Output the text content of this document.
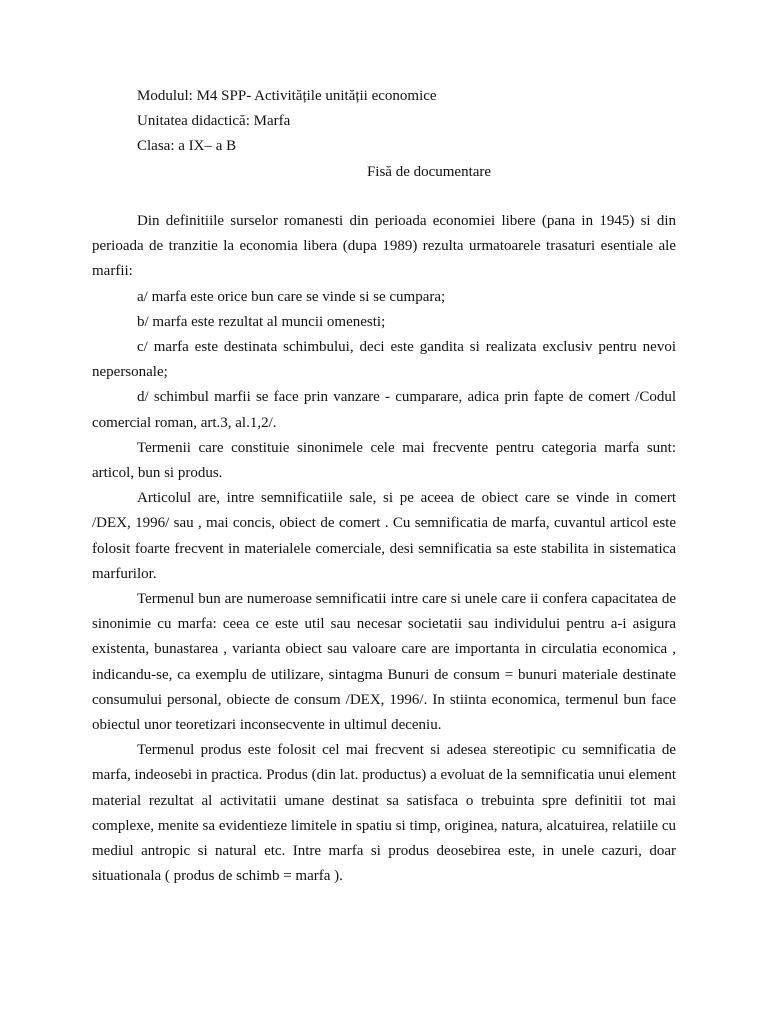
Modulul: M4 SPP- Activitățile unității economice

Unitatea didactică: Marfa

Clasa: a IX– a B

Fisă de documentare

Din definitiile surselor romanesti din perioada economiei libere (pana in 1945) si din perioada de tranzitie la economia libera (dupa 1989) rezulta urmatoarele trasaturi esentiale ale marfii:

a/ marfa este orice bun care se vinde si se cumpara;

b/ marfa este rezultat al muncii omenesti;

c/ marfa este destinata schimbului, deci este gandita si realizata exclusiv pentru nevoi nepersonale;

d/ schimbul marfii se face prin vanzare - cumparare, adica prin fapte de comert /Codul comercial roman, art.3, al.1,2/.

Termenii care constituie sinonimele cele mai frecvente pentru categoria marfa sunt: articol, bun si produs.

Articolul are, intre semnificatiile sale, si pe aceea de obiect care se vinde in comert /DEX, 1996/ sau , mai concis, obiect de comert . Cu semnificatia de marfa, cuvantul articol este folosit foarte frecvent in materialele comerciale, desi semnificatia sa este stabilita in sistematica marfurilor.

Termenul bun are numeroase semnificatii intre care si unele care ii confera capacitatea de sinonimie cu marfa: ceea ce este util sau necesar societatii sau individului pentru a-i asigura existenta, bunastarea , varianta obiect sau valoare care are importanta in circulatia economica , indicandu-se, ca exemplu de utilizare, sintagma Bunuri de consum = bunuri materiale destinate consumului personal, obiecte de consum /DEX, 1996/. In stiinta economica, termenul bun face obiectul unor teoretizari inconsecvente in ultimul deceniu.

Termenul produs este folosit cel mai frecvent si adesea stereotipic cu semnificatia de marfa, indeosebi in practica. Produs (din lat. productus) a evoluat de la semnificatia unui element material rezultat al activitatii umane destinat sa satisfaca o trebuinta spre definitii tot mai complexe, menite sa evidentieze limitele in spatiu si timp, originea, natura, alcatuirea, relatiile cu mediul antropic si natural etc. Intre marfa si produs deosebirea este, in unele cazuri, doar situationala ( produs de schimb = marfa ).
